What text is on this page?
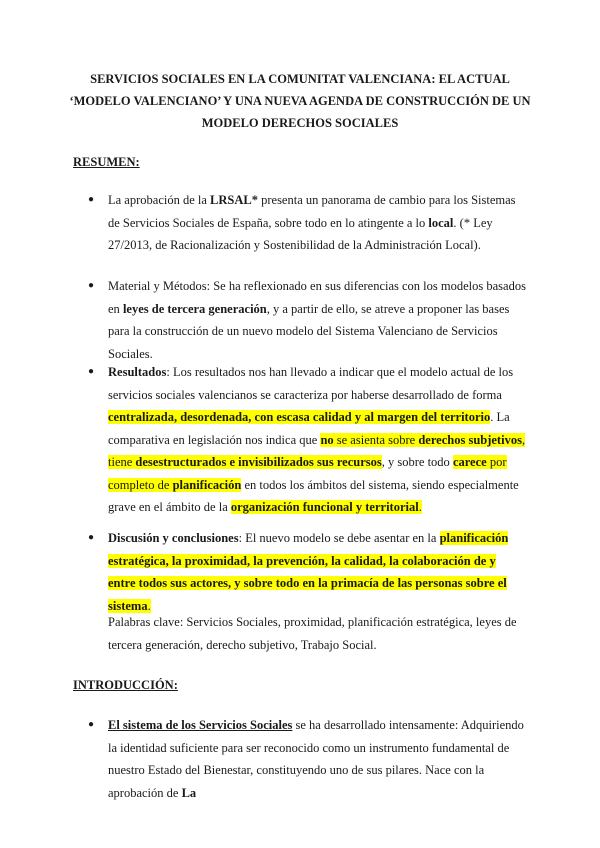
SERVICIOS SOCIALES EN LA COMUNITAT VALENCIANA: EL ACTUAL
‘MODELO VALENCIANO’ Y UNA NUEVA AGENDA DE CONSTRUCCIÓN DE UN
MODELO DERECHOS SOCIALES
RESUMEN:
● La aprobación de la LRSAL* presenta un panorama de cambio para los Sistemas de Servicios Sociales de España, sobre todo en lo atingente a lo local. (* Ley 27/2013, de Racionalización y Sostenibilidad de la Administración Local).
● Material y Métodos: Se ha reflexionado en sus diferencias con los modelos basados en leyes de tercera generación, y a partir de ello, se atreve a proponer las bases para la construcción de un nuevo modelo del Sistema Valenciano de Servicios Sociales.
● Resultados: Los resultados nos han llevado a indicar que el modelo actual de los servicios sociales valencianos se caracteriza por haberse desarrollado de forma centralizada, desordenada, con escasa calidad y al margen del territorio. La comparativa en legislación nos indica que no se asienta sobre derechos subjetivos, tiene desestructurados e invisibilizados sus recursos, y sobre todo carece por completo de planificación en todos los ámbitos del sistema, siendo especialmente grave en el ámbito de la organización funcional y territorial.
● Discusión y conclusiones: El nuevo modelo se debe asentar en la planificación estratégica, la proximidad, la prevención, la calidad, la colaboración de y entre todos sus actores, y sobre todo en la primacía de las personas sobre el sistema.
Palabras clave: Servicios Sociales, proximidad, planificación estratégica, leyes de tercera generación, derecho subjetivo, Trabajo Social.
INTRODUCCIÓN:
● El sistema de los Servicios Sociales se ha desarrollado intensamente: Adquiriendo la identidad suficiente para ser reconocido como un instrumento fundamental de nuestro Estado del Bienestar, constituyendo uno de sus pilares. Nace con la aprobación de La
